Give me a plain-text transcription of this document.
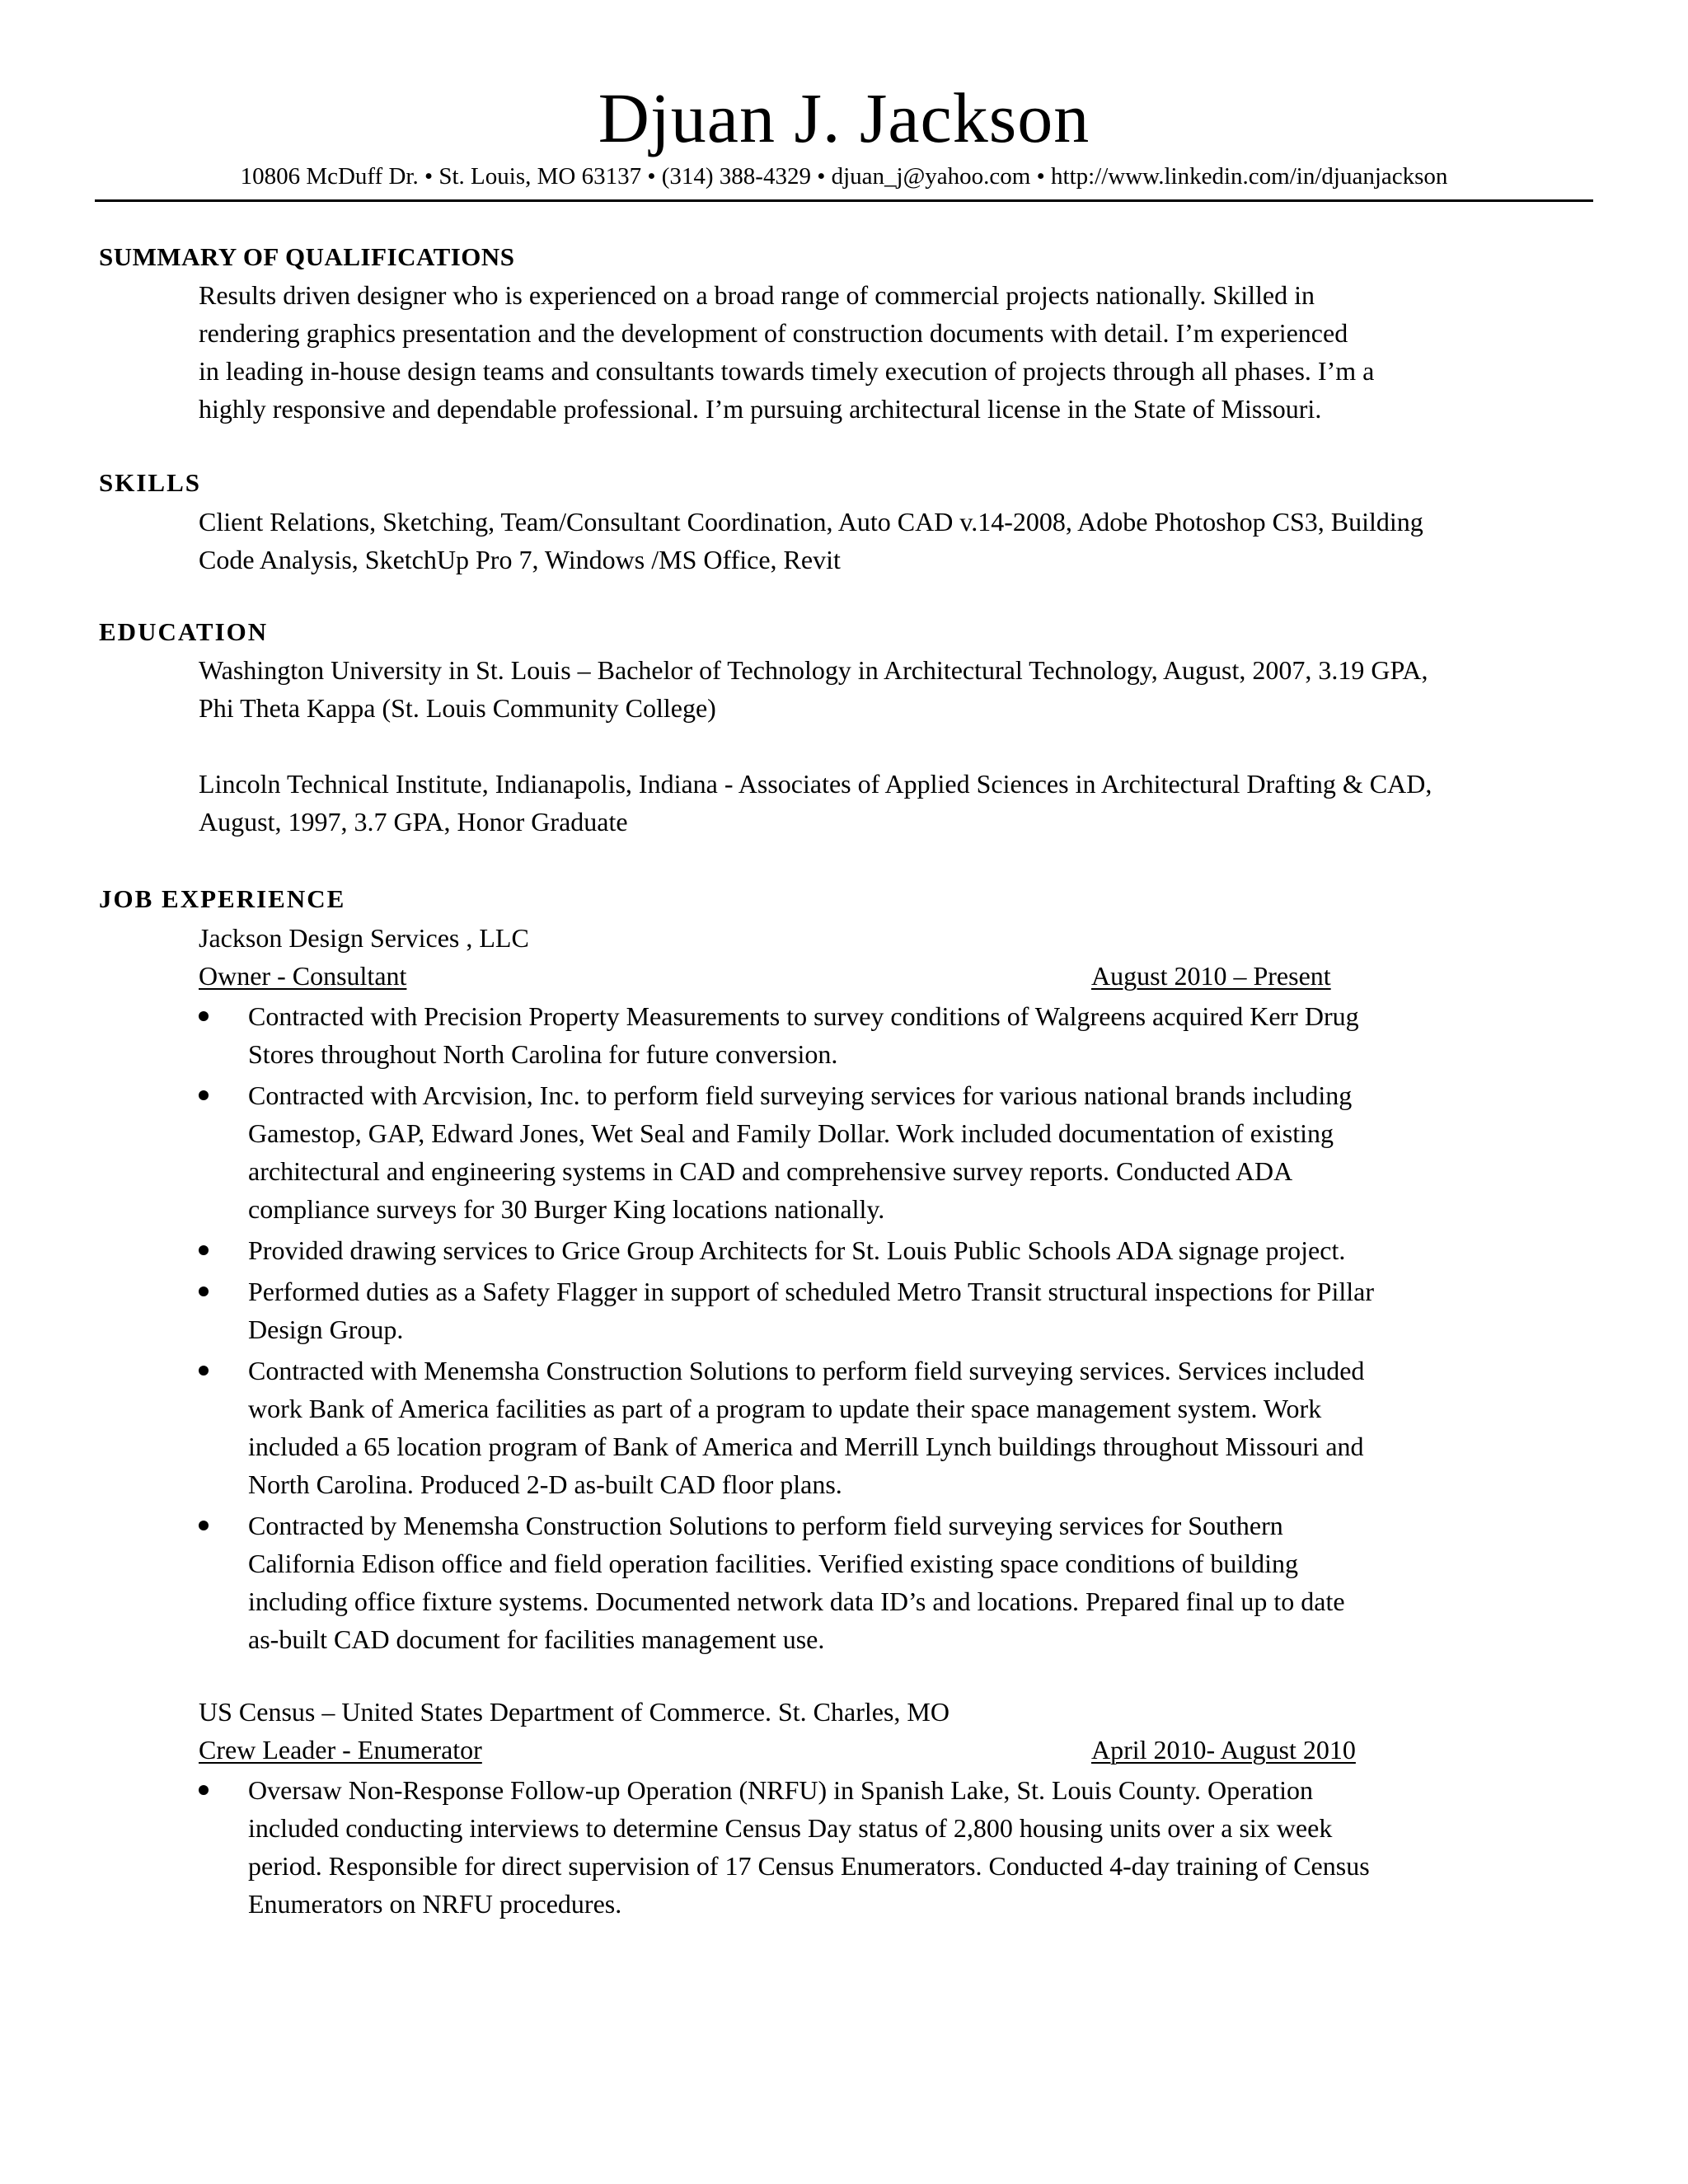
Djuan J. Jackson
10806 McDuff Dr. • St. Louis, MO 63137 • (314) 388-4329 • djuan_j@yahoo.com • http://www.linkedin.com/in/djuanjackson
SUMMARY OF QUALIFICATIONS
Results driven designer who is experienced on a broad range of commercial projects nationally. Skilled in
rendering graphics presentation and the development of construction documents with detail. I’m experienced
in leading in-house design teams and consultants towards timely execution of projects through all phases. I’m a
highly responsive and dependable professional. I’m pursuing architectural license in the State of Missouri.
SKILLS
Client Relations, Sketching, Team/Consultant Coordination, Auto CAD v.14-2008, Adobe Photoshop CS3, Building
Code Analysis, SketchUp Pro 7, Windows /MS Office, Revit
EDUCATION
Washington University in St. Louis – Bachelor of Technology in Architectural Technology, August, 2007, 3.19 GPA,
Phi Theta Kappa (St. Louis Community College)
Lincoln Technical Institute, Indianapolis, Indiana - Associates of Applied Sciences in Architectural Drafting & CAD,
August, 1997, 3.7 GPA, Honor Graduate
JOB EXPERIENCE
Jackson Design Services , LLC
Owner - Consultant	August 2010 – Present
Contracted with Precision Property Measurements to survey conditions of Walgreens acquired Kerr Drug
Stores throughout North Carolina for future conversion.
Contracted with Arcvision, Inc. to perform field surveying services for various national brands including
Gamestop, GAP, Edward Jones, Wet Seal and Family Dollar. Work included documentation of existing
architectural and engineering systems in CAD and comprehensive survey reports. Conducted ADA
compliance surveys for 30 Burger King locations nationally.
Provided drawing services to Grice Group Architects for St. Louis Public Schools ADA signage project.
Performed duties as a Safety Flagger in support of scheduled Metro Transit structural inspections for Pillar
Design Group.
Contracted with Menemsha Construction Solutions to perform field surveying services. Services included
work Bank of America facilities as part of a program to update their space management system. Work
included a 65 location program of Bank of America and Merrill Lynch buildings throughout Missouri and
North Carolina. Produced 2-D as-built CAD floor plans.
Contracted by Menemsha Construction Solutions to perform field surveying services for Southern
California Edison office and field operation facilities. Verified existing space conditions of building
including office fixture systems. Documented network data ID’s and locations. Prepared final up to date
as-built CAD document for facilities management use.
US Census – United States Department of Commerce. St. Charles, MO
Crew Leader - Enumerator	April 2010- August 2010
Oversaw Non-Response Follow-up Operation (NRFU) in Spanish Lake, St. Louis County. Operation
included conducting interviews to determine Census Day status of 2,800 housing units over a six week
period. Responsible for direct supervision of 17 Census Enumerators. Conducted 4-day training of Census
Enumerators on NRFU procedures.
